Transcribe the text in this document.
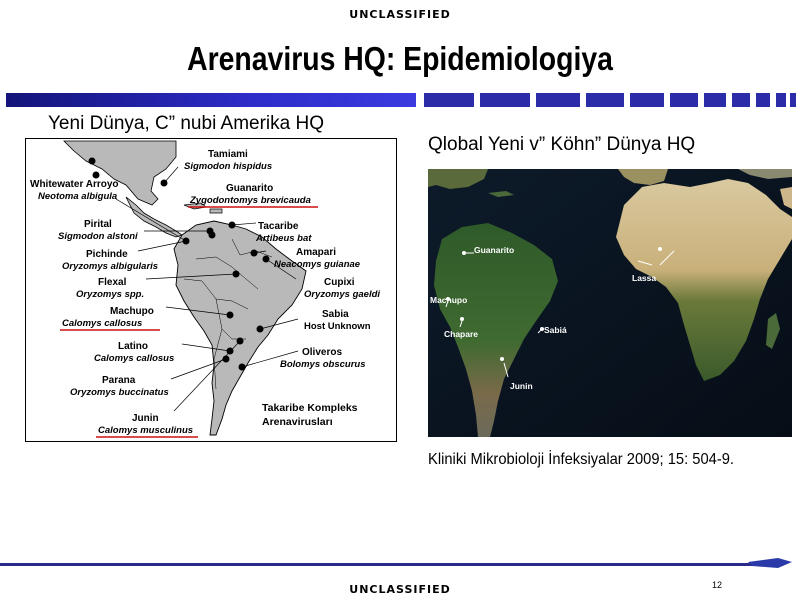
UNCLASSIFIED
Arenavirus HQ: Epidemiologiya
Yeni Dünya, C” nubi Amerika HQ
Qlobal Yeni v” Köhn” Dünya HQ
Tamiami
Sigmodon hispidus
Whitewater Arroyo
Neotoma albigula
Guanarito
Zygodontomys brevicauda
Pirital
Sigmodon alstoni
Tacaribe
Artibeus bat
Pichinde
Oryzomys albigularis
Amapari
Neacomys guianae
Flexal
Oryzomys spp.
Cupixi
Oryzomys gaeldi
Machupo
Calomys callosus
Sabia
Host Unknown
Latino
Calomys callosus
Oliveros
Bolomys obscurus
Parana
Oryzomys buccinatus
Junin
Calomys musculinus
Takaribe Kompleks
Arenavirusları
Guanarito
Machupo
Chapare	Sabiá
Junin
Lassa
Kliniki Mikrobioloji İnfeksiyalar 2009; 15: 504-9.
12
UNCLASSIFIED
